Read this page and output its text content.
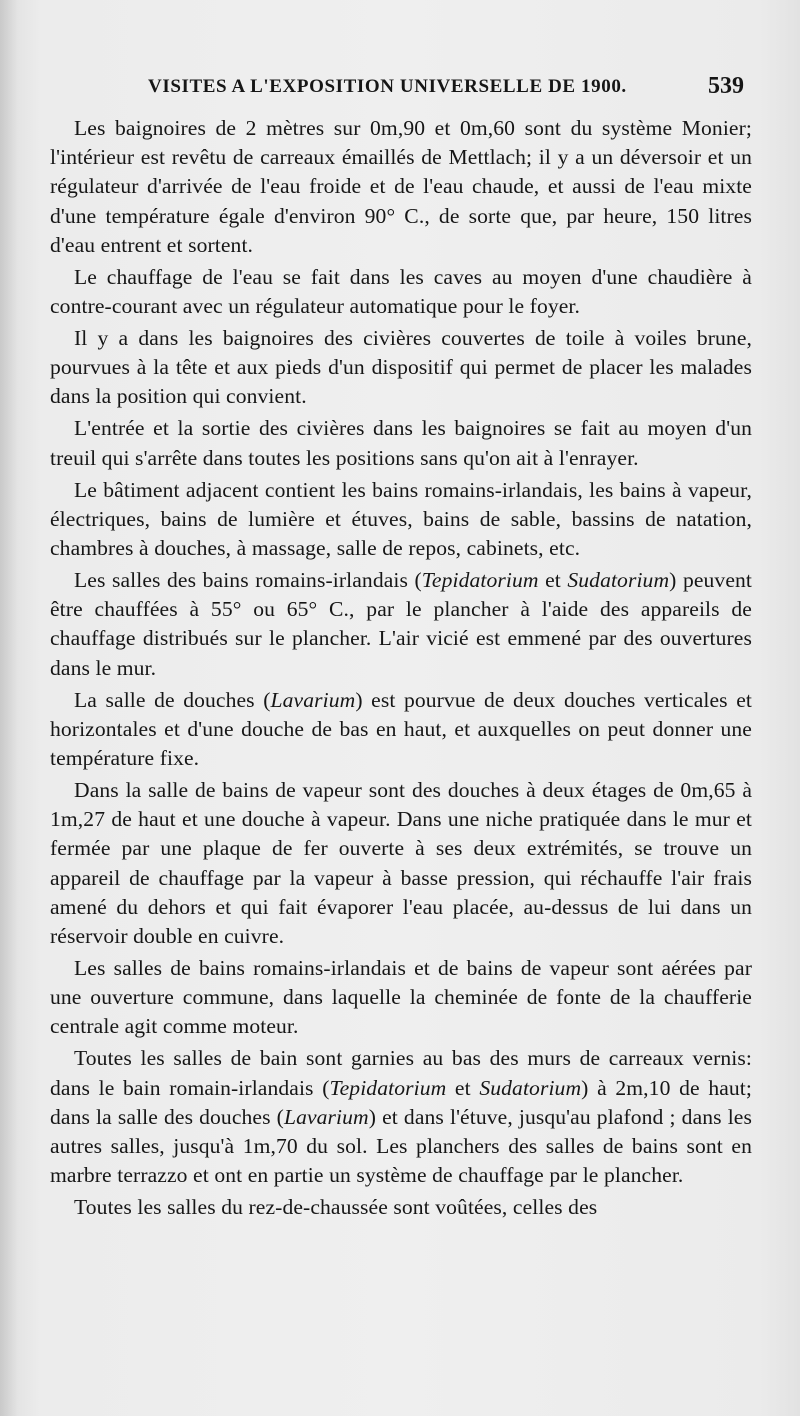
VISITES A L'EXPOSITION UNIVERSELLE DE 1900.	539

Les baignoires de 2 mètres sur 0m,90 et 0m,60 sont du système Monier; l'intérieur est revêtu de carreaux émaillés de Mettlach; il y a un déversoir et un régulateur d'arrivée de l'eau froide et de l'eau chaude, et aussi de l'eau mixte d'une température égale d'environ 90° C., de sorte que, par heure, 150 litres d'eau entrent et sortent.

Le chauffage de l'eau se fait dans les caves au moyen d'une chaudière à contre-courant avec un régulateur automatique pour le foyer.

Il y a dans les baignoires des civières couvertes de toile à voiles brune, pourvues à la tête et aux pieds d'un dispositif qui permet de placer les malades dans la position qui convient.

L'entrée et la sortie des civières dans les baignoires se fait au moyen d'un treuil qui s'arrête dans toutes les positions sans qu'on ait à l'enrayer.

Le bâtiment adjacent contient les bains romains-irlandais, les bains à vapeur, électriques, bains de lumière et étuves, bains de sable, bassins de natation, chambres à douches, à massage, salle de repos, cabinets, etc.

Les salles des bains romains-irlandais (Tepidatorium et Sudatorium) peuvent être chauffées à 55° ou 65° C., par le plancher à l'aide des appareils de chauffage distribués sur le plancher. L'air vicié est emmené par des ouvertures dans le mur.

La salle de douches (Lavarium) est pourvue de deux douches verticales et horizontales et d'une douche de bas en haut, et auxquelles on peut donner une température fixe.

Dans la salle de bains de vapeur sont des douches à deux étages de 0m,65 à 1m,27 de haut et une douche à vapeur. Dans une niche pratiquée dans le mur et fermée par une plaque de fer ouverte à ses deux extrémités, se trouve un appareil de chauffage par la vapeur à basse pression, qui réchauffe l'air frais amené du dehors et qui fait évaporer l'eau placée, au-dessus de lui dans un réservoir double en cuivre.

Les salles de bains romains-irlandais et de bains de vapeur sont aérées par une ouverture commune, dans laquelle la cheminée de fonte de la chaufferie centrale agit comme moteur.

Toutes les salles de bain sont garnies au bas des murs de carreaux vernis: dans le bain romain-irlandais (Tepidatorium et Sudatorium) à 2m,10 de haut; dans la salle des douches (Lavarium) et dans l'étuve, jusqu'au plafond ; dans les autres salles, jusqu'à 1m,70 du sol. Les planchers des salles de bains sont en marbre terrazzo et ont en partie un système de chauffage par le plancher.

Toutes les salles du rez-de-chaussée sont voûtées, celles des
